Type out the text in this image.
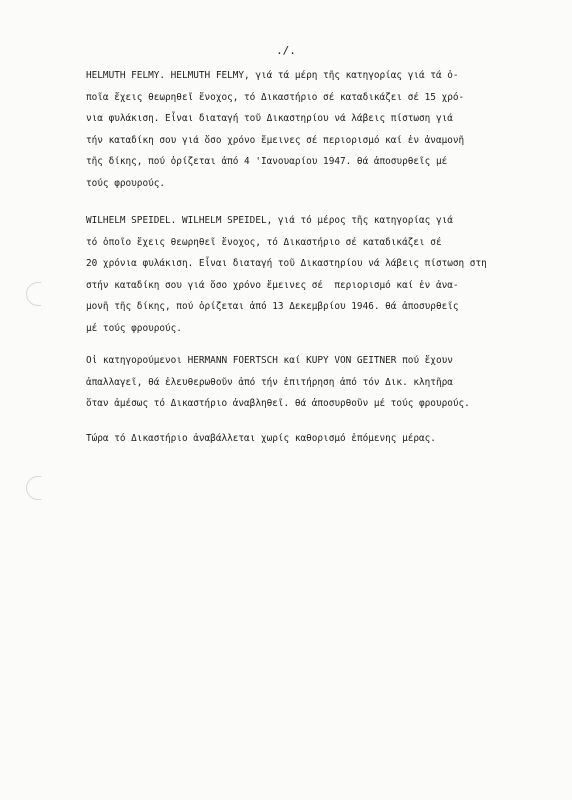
./.
HELMUTH FELMY. HELMUTH FELMY, γιά τά μέρη τῆς κατηγορίας γιά τά ὀ-
ποῖα ἔχεις θεωρηθεῖ ἔνοχος, τό Δικαστήριο σέ καταδικάζει σέ 15 χρό-
νια φυλάκιση. Εἶναι διαταγή τοῦ Δικαστηρίου νά λάβεις πίστωση γιά
τήν καταδίκη σου γιά ὅσο χρόνο ἔμεινες σέ περιορισμό καί ἐν ἀναμονῆ
τῆς δίκης, πού ὁρίζεται ἀπό 4 'Ιανουαρίου 1947. θά ἀποσυρθεῖς μέ
τούς φρουρούς.
WILHELM SPEIDEL. WILHELM SPEIDEL, γιά τό μέρος τῆς κατηγορίας γιά
τό ὁποῖο ἔχεις θεωρηθεῖ ἔνοχος, τό Δικαστήριο σέ καταδικάζει σέ
20 χρόνια φυλάκιση. Εἶναι διαταγή τοῦ Δικαστηρίου νά λάβεις πίστωση στη
στήν καταδίκη σου γιά ὅσο χρόνο ἔμεινες σέ  περιορισμό καί ἐν ἀνα-
μονῆ τῆς δίκης, πού ὁρίζεται ἀπό 13 Δεκεμβρίου 1946. θά ἀποσυρθεῖς
μέ τούς φρουρούς.
Οἱ κατηγορούμενοι HERMANN FOERTSCH καί KUPY VON GEITNER πού ἔχουν
ἀπαλλαγεῖ, θά ἐλευθερωθοῦν ἀπό τήν ἐπιτήρηση ἀπό τόν Δικ. κλητῆρα
ὅταν ἀμέσως τό Δικαστήριο ἀναβληθεῖ. θά ἀποσυρθοῦν μέ τούς φρουρούς.
Τώρα τό Δικαστήριο ἀναβάλλεται χωρίς καθορισμό ἑπόμενης μέρας.
